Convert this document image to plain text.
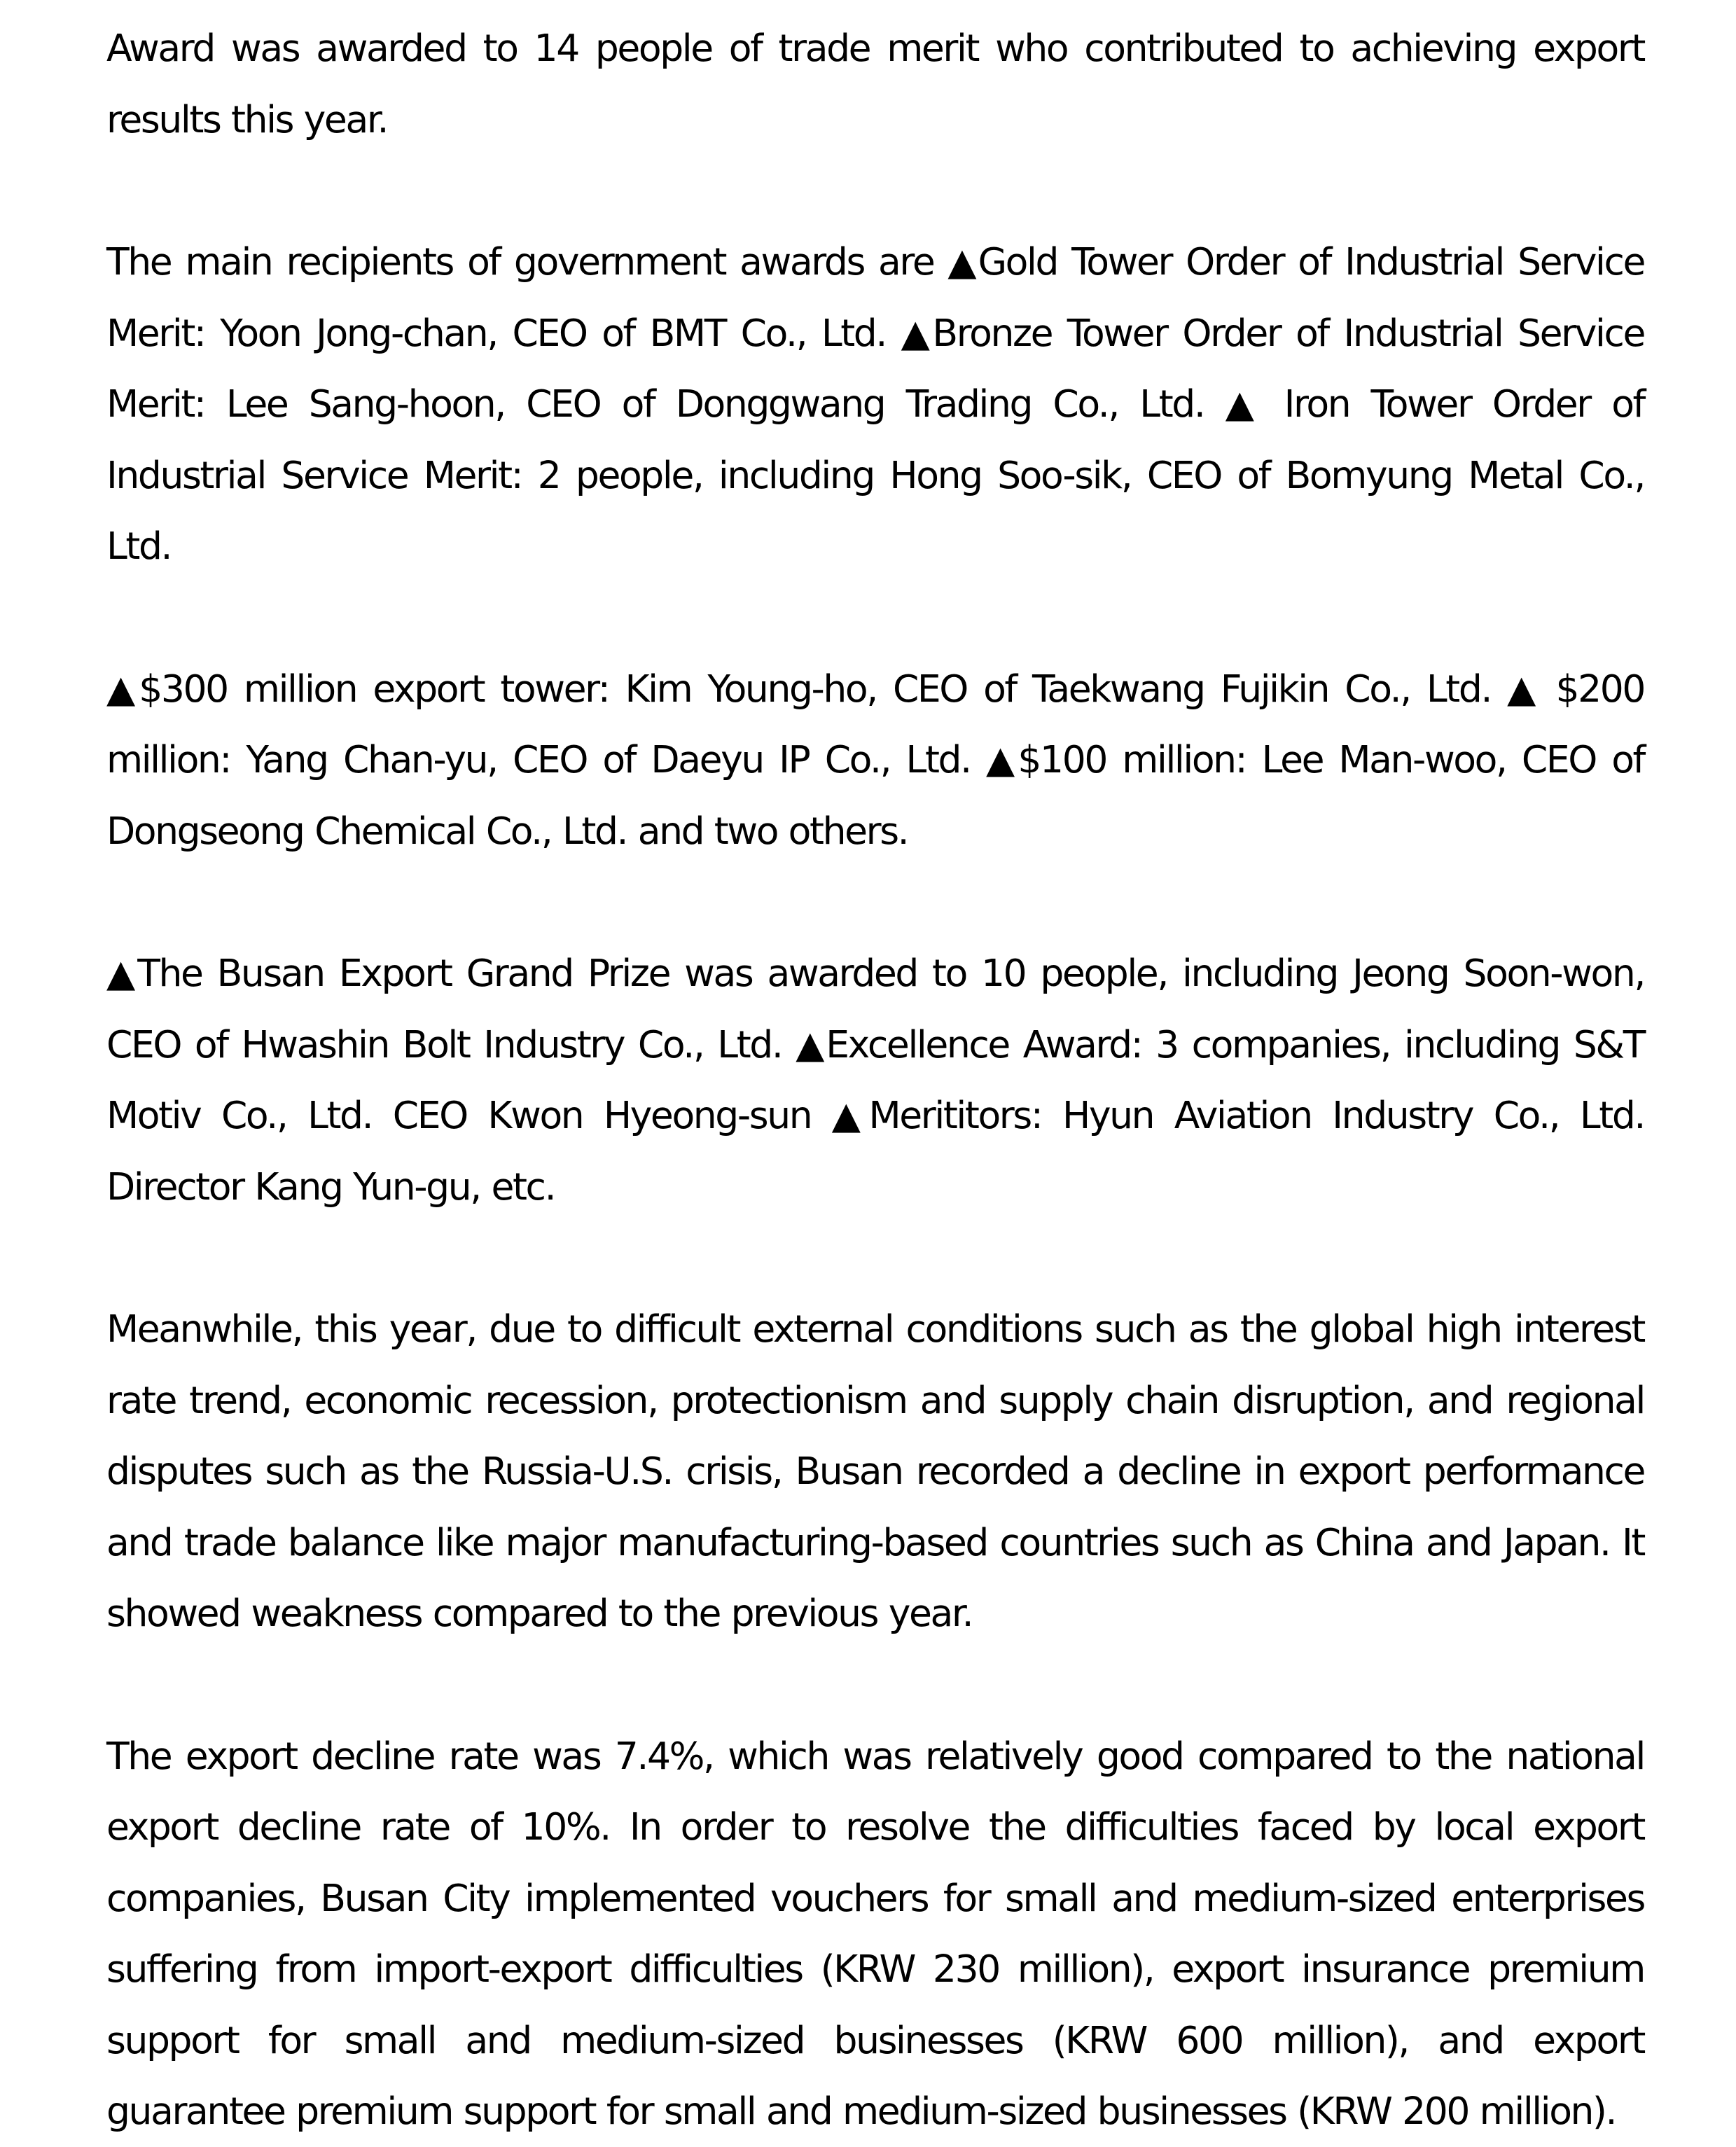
Award was awarded to 14 people of trade merit who contributed to achieving export results this year.

The main recipients of government awards are ▲Gold Tower Order of Industrial Service Merit: Yoon Jong-chan, CEO of BMT Co., Ltd. ▲Bronze Tower Order of Industrial Service Merit: Lee Sang-hoon, CEO of Donggwang Trading Co., Ltd. ▲ Iron Tower Order of Industrial Service Merit: 2 people, including Hong Soo-sik, CEO of Bomyung Metal Co., Ltd.

▲$300 million export tower: Kim Young-ho, CEO of Taekwang Fujikin Co., Ltd. ▲ $200 million: Yang Chan-yu, CEO of Daeyu IP Co., Ltd. ▲$100 million: Lee Man-woo, CEO of Dongseong Chemical Co., Ltd. and two others.

▲The Busan Export Grand Prize was awarded to 10 people, including Jeong Soon-won, CEO of Hwashin Bolt Industry Co., Ltd. ▲Excellence Award: 3 companies, including S&T Motiv Co., Ltd. CEO Kwon Hyeong-sun ▲Merititors: Hyun Aviation Industry Co., Ltd. Director Kang Yun-gu, etc.

Meanwhile, this year, due to difficult external conditions such as the global high interest rate trend, economic recession, protectionism and supply chain disruption, and regional disputes such as the Russia-U.S. crisis, Busan recorded a decline in export performance and trade balance like major manufacturing-based countries such as China and Japan. It showed weakness compared to the previous year.

The export decline rate was 7.4%, which was relatively good compared to the national export decline rate of 10%. In order to resolve the difficulties faced by local export companies, Busan City implemented vouchers for small and medium-sized enterprises suffering from import-export difficulties (KRW 230 million), export insurance premium support for small and medium-sized businesses (KRW 600 million), and export guarantee premium support for small and medium-sized businesses (KRW 200 million).
